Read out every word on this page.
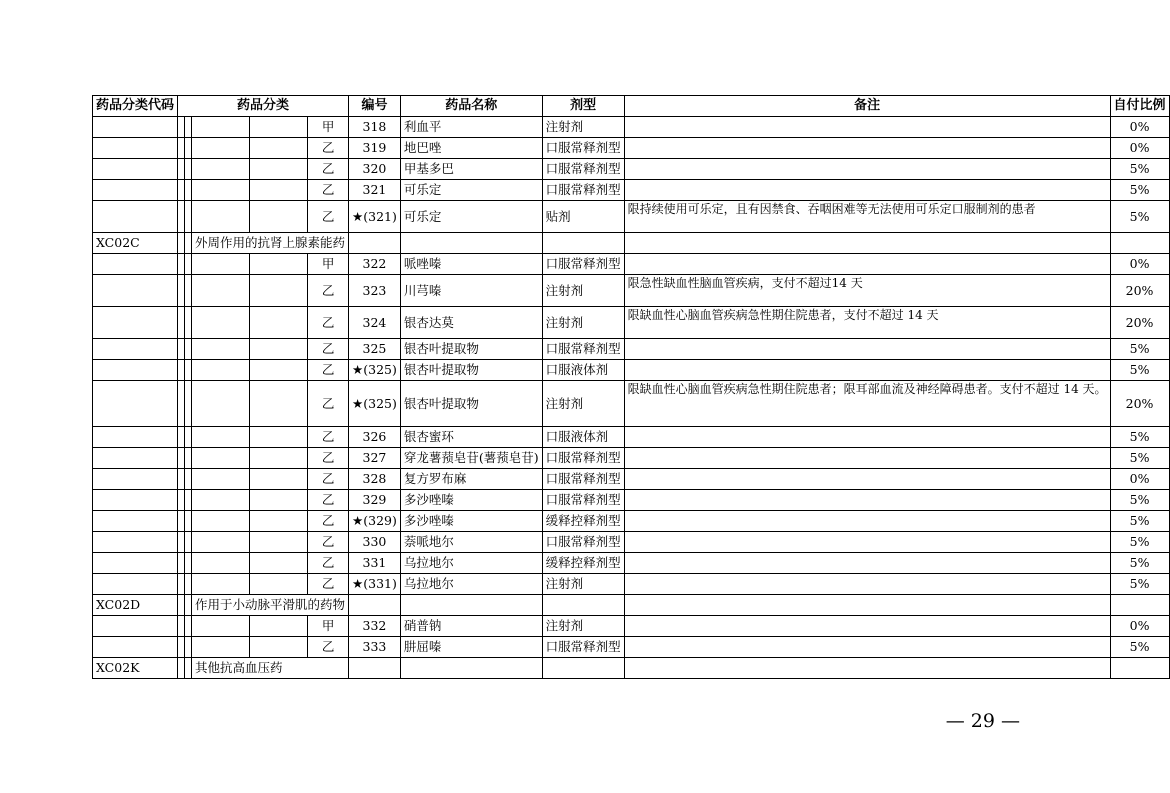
药品分类代码	药品分类					编号	药品名称	剂型	备注	自付比例
					甲	318	利血平	注射剂		0%
					乙	319	地巴唑	口服常释剂型		0%
					乙	320	甲基多巴	口服常释剂型		5%
					乙	321	可乐定	口服常释剂型		5%
					乙	★(321)	可乐定	贴剂	限持续使用可乐定，且有因禁食、吞咽困难等无法使用可乐定口服制剂的患者	5%
XC02C			外周作用的抗肾上腺素能药							
					甲	322	哌唑嗪	口服常释剂型		0%
					乙	323	川芎嗪	注射剂	限急性缺血性脑血管疾病，支付不超过14 天	20%
					乙	324	银杏达莫	注射剂	限缺血性心脑血管疾病急性期住院患者，支付不超过 14 天	20%
					乙	325	银杏叶提取物	口服常释剂型		5%
					乙	★(325)	银杏叶提取物	口服液体剂		5%
					乙	★(325)	银杏叶提取物	注射剂	限缺血性心脑血管疾病急性期住院患者；限耳部血流及神经障碍患者。支付不超过 14 天。	20%
					乙	326	银杏蜜环	口服液体剂		5%
					乙	327	穿龙薯蓣皂苷(薯蓣皂苷)	口服常释剂型		5%
					乙	328	复方罗布麻	口服常释剂型		0%
					乙	329	多沙唑嗪	口服常释剂型		5%
					乙	★(329)	多沙唑嗪	缓释控释剂型		5%
					乙	330	萘哌地尔	口服常释剂型		5%
					乙	331	乌拉地尔	缓释控释剂型		5%
					乙	★(331)	乌拉地尔	注射剂		5%
XC02D			作用于小动脉平滑肌的药物							
					甲	332	硝普钠	注射剂		0%
					乙	333	肼屈嗪	口服常释剂型		5%
XC02K			其他抗高血压药							
— 29 —
